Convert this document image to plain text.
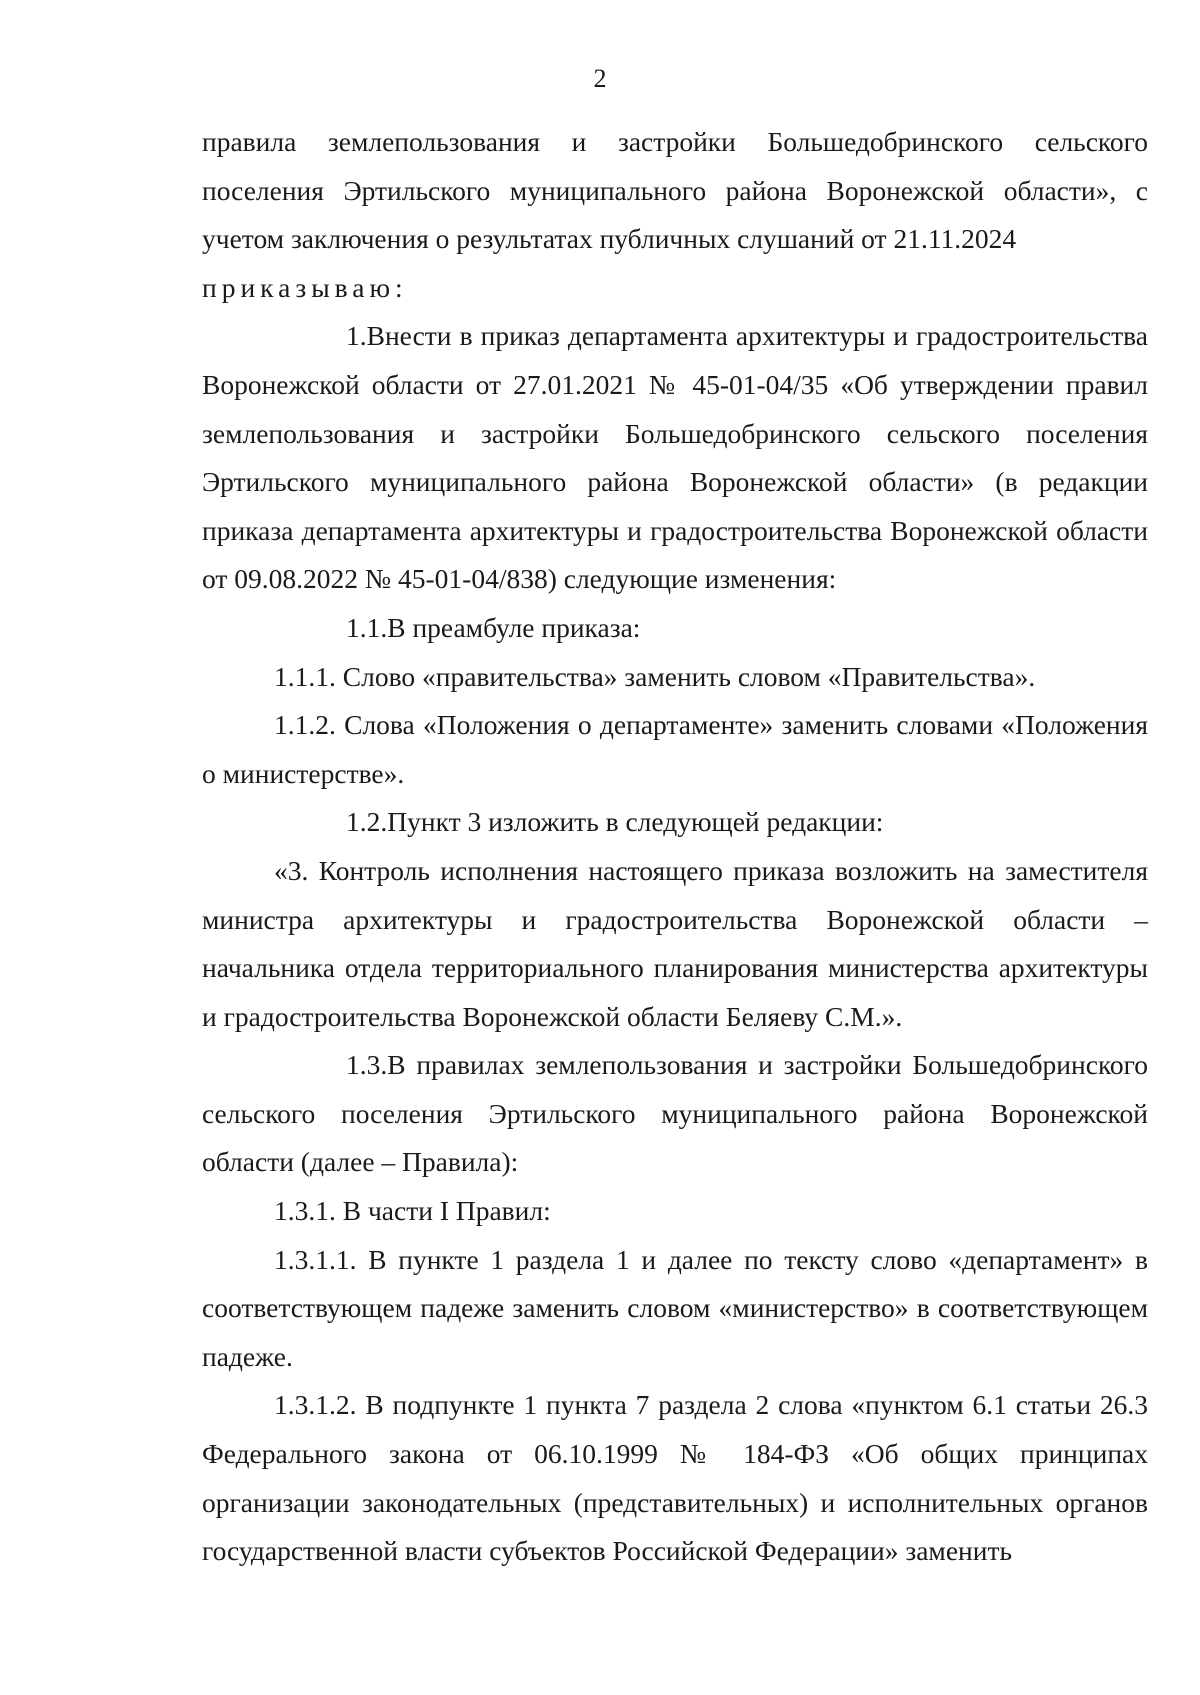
2

правила землепользования и застройки Большедобринского сельского поселения Эртильского муниципального района Воронежской области», с учетом заключения о результатах публичных слушаний от 21.11.2024

приказываю:

1.Внести в приказ департамента архитектуры и градостроительства Воронежской области от 27.01.2021 № 45-01-04/35 «Об утверждении правил землепользования и застройки Большедобринского сельского поселения Эртильского муниципального района Воронежской области» (в редакции приказа департамента архитектуры и градостроительства Воронежской области от 09.08.2022 № 45-01-04/838) следующие изменения:

1.1.В преамбуле приказа:

1.1.1. Слово «правительства» заменить словом «Правительства».

1.1.2. Слова «Положения о департаменте» заменить словами «Положения о министерстве».

1.2.Пункт 3 изложить в следующей редакции:

«3. Контроль исполнения настоящего приказа возложить на заместителя министра архитектуры и градостроительства Воронежской области – начальника отдела территориального планирования министерства архитектуры и градостроительства Воронежской области Беляеву С.М.».

1.3.В правилах землепользования и застройки Большедобринского сельского поселения Эртильского муниципального района Воронежской области (далее – Правила):

1.3.1. В части I Правил:

1.3.1.1. В пункте 1 раздела 1 и далее по тексту слово «департамент» в соответствующем падеже заменить словом «министерство» в соответствующем падеже.

1.3.1.2. В подпункте 1 пункта 7 раздела 2 слова «пунктом 6.1 статьи 26.3 Федерального закона от 06.10.1999 № 184-ФЗ «Об общих принципах организации законодательных (представительных) и исполнительных органов государственной власти субъектов Российской Федерации» заменить
